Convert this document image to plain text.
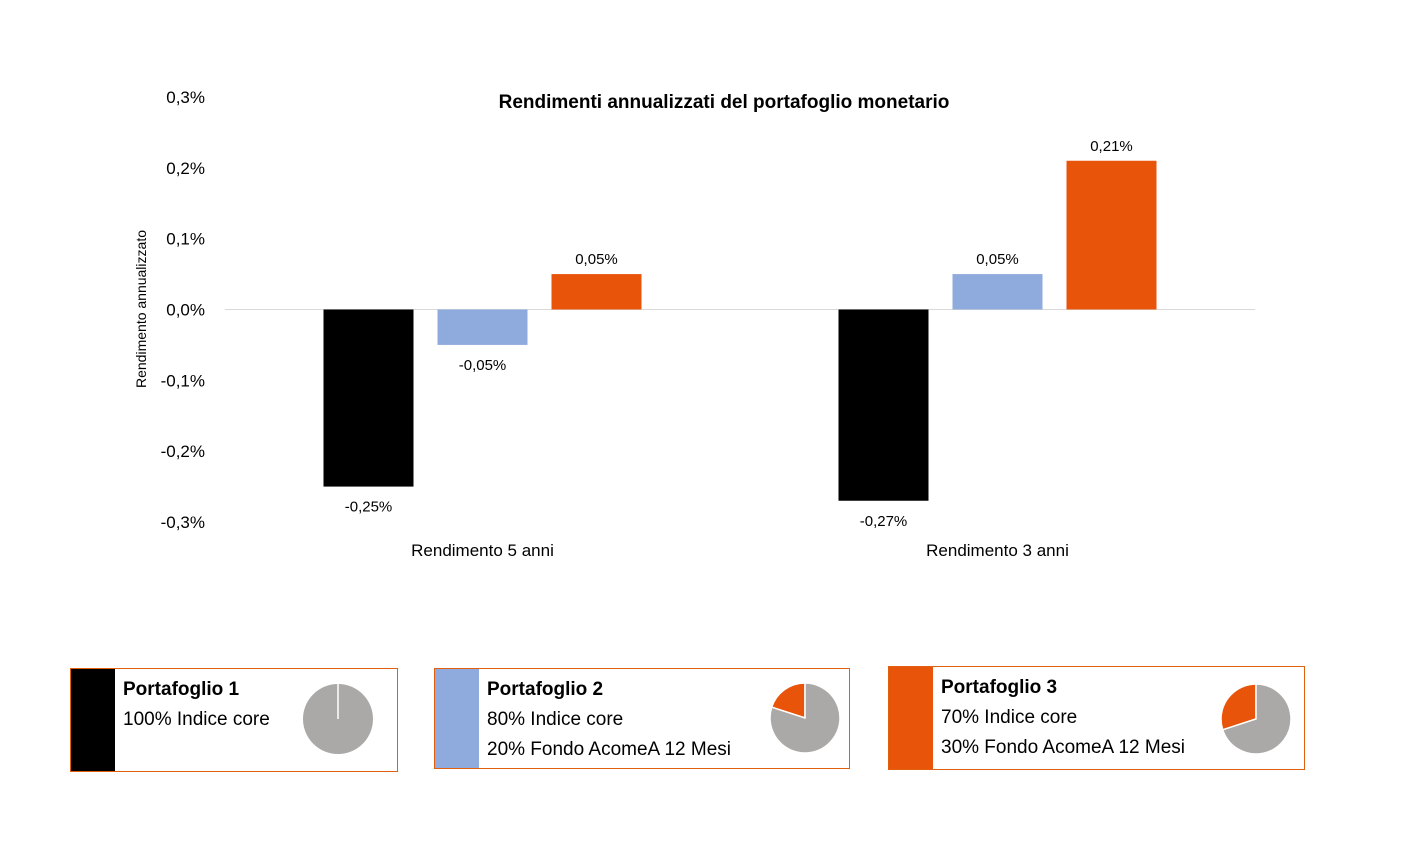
Rendimenti annualizzati del portafoglio monetario
Rendimento annualizzato
0,3%
0,2%
0,1%
0,0%
-0,1%
-0,2%
-0,3%
-0,25%
-0,05%
0,05%
-0,27%
0,05%
0,21%
Rendimento 5 anni	Rendimento 3 anni
Portafoglio 1
100% Indice core
Portafoglio 2
80% Indice core
20% Fondo AcomeA 12 Mesi
Portafoglio 3
70% Indice core
30% Fondo AcomeA 12 Mesi
